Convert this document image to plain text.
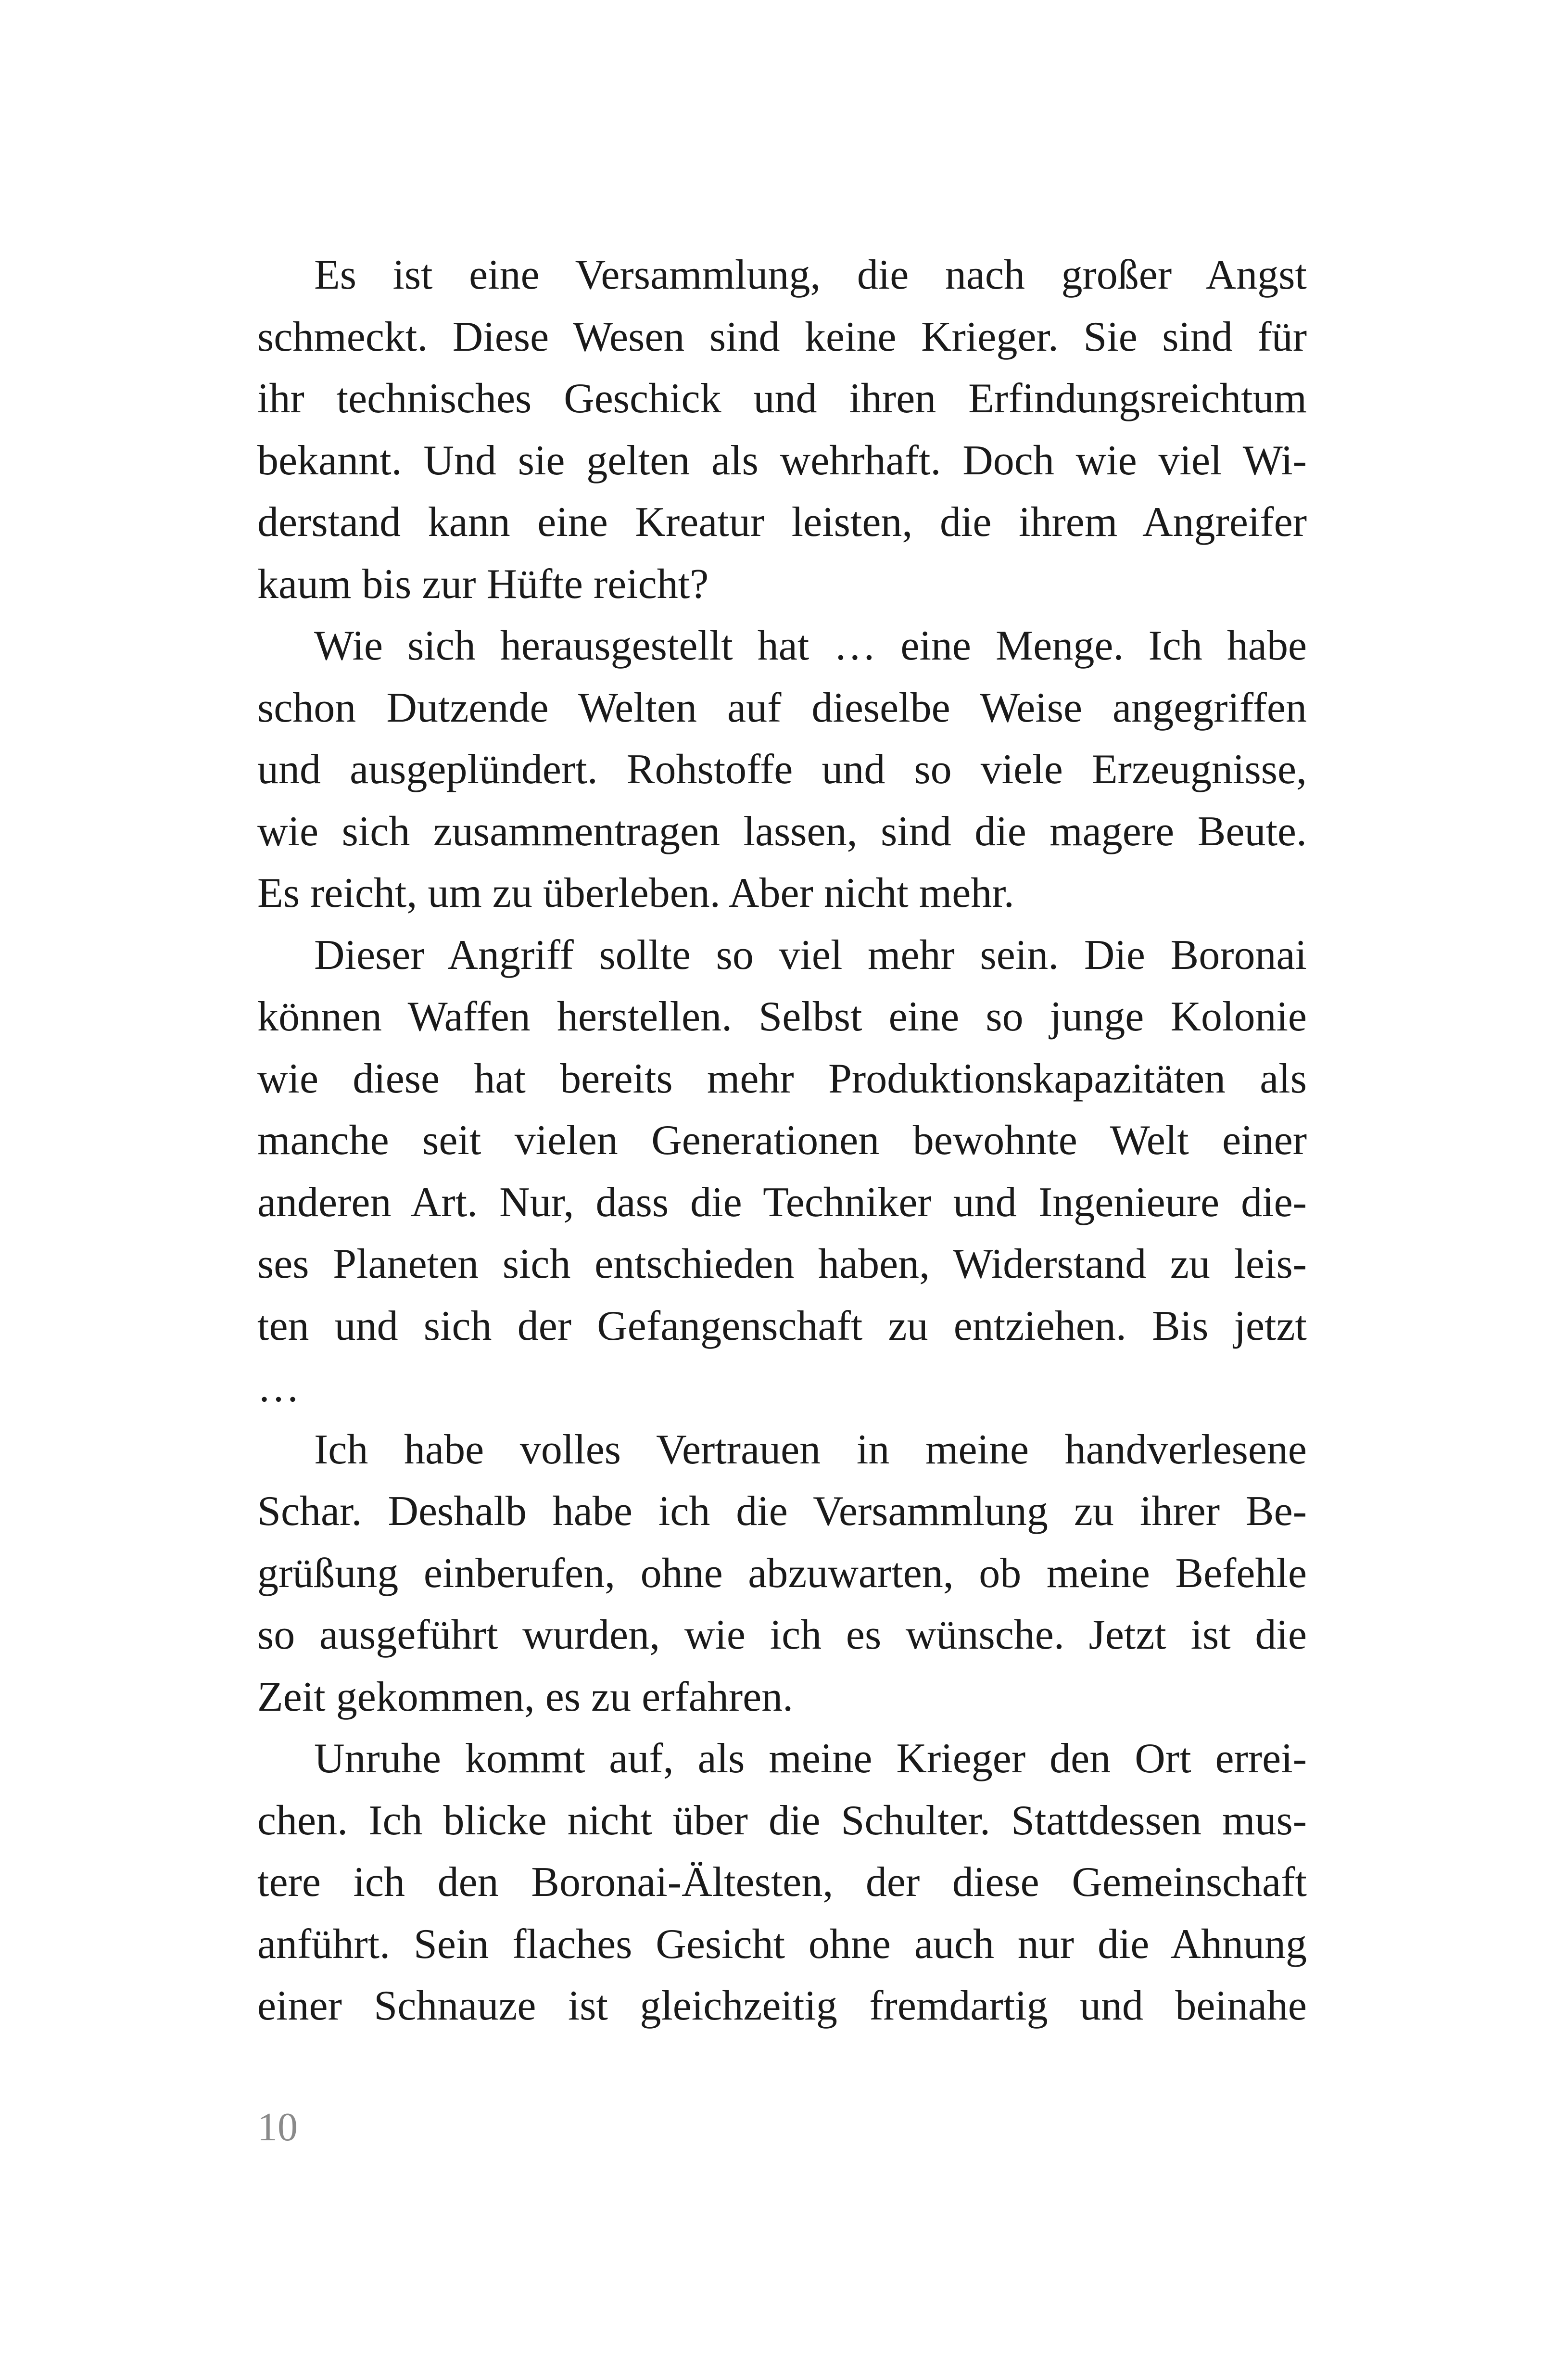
Es ist eine Versammlung, die nach großer Angst
schmeckt. Diese Wesen sind keine Krieger. Sie sind für
ihr technisches Geschick und ihren Erfindungsreichtum
bekannt. Und sie gelten als wehrhaft. Doch wie viel Wi-
derstand kann eine Kreatur leisten, die ihrem Angreifer
kaum bis zur Hüfte reicht?
Wie sich herausgestellt hat … eine Menge. Ich habe
schon Dutzende Welten auf dieselbe Weise angegriffen
und ausgeplündert. Rohstoffe und so viele Erzeugnisse,
wie sich zusammentragen lassen, sind die magere Beute.
Es reicht, um zu überleben. Aber nicht mehr.
Dieser Angriff sollte so viel mehr sein. Die Boronai
können Waffen herstellen. Selbst eine so junge Kolonie
wie diese hat bereits mehr Produktionskapazitäten als
manche seit vielen Generationen bewohnte Welt einer
anderen Art. Nur, dass die Techniker und Ingenieure die-
ses Planeten sich entschieden haben, Widerstand zu leis-
ten und sich der Gefangenschaft zu entziehen. Bis jetzt
…
Ich habe volles Vertrauen in meine handverlesene
Schar. Deshalb habe ich die Versammlung zu ihrer Be-
grüßung einberufen, ohne abzuwarten, ob meine Befehle
so ausgeführt wurden, wie ich es wünsche. Jetzt ist die
Zeit gekommen, es zu erfahren.
Unruhe kommt auf, als meine Krieger den Ort errei-
chen. Ich blicke nicht über die Schulter. Stattdessen mus-
tere ich den Boronai-Ältesten, der diese Gemeinschaft
anführt. Sein flaches Gesicht ohne auch nur die Ahnung
einer Schnauze ist gleichzeitig fremdartig und beinahe
10
